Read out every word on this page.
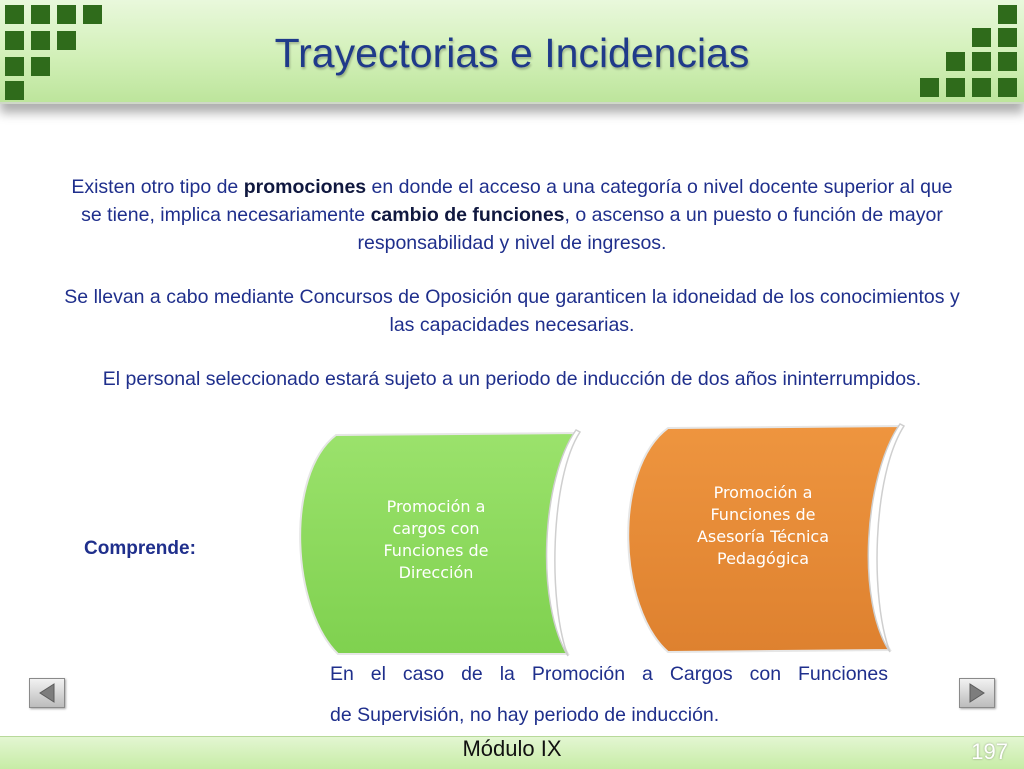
Trayectorias e Incidencias
Existen otro tipo de promociones en donde el acceso a una categoría o nivel docente superior al que se tiene, implica necesariamente cambio de funciones, o ascenso a un puesto o función de mayor responsabilidad y nivel de ingresos.
Se llevan a cabo mediante Concursos de Oposición que garanticen la idoneidad de los conocimientos y las capacidades necesarias.
El personal seleccionado estará sujeto a un periodo de inducción de dos años ininterrumpidos.
Promoción a cargos con Funciones de Dirección
Promoción a Funciones de Asesoría Técnica Pedagógica
Comprende:
En el caso de la Promoción a Cargos con Funciones
de Supervisión, no hay periodo de inducción.
Módulo IX	197
